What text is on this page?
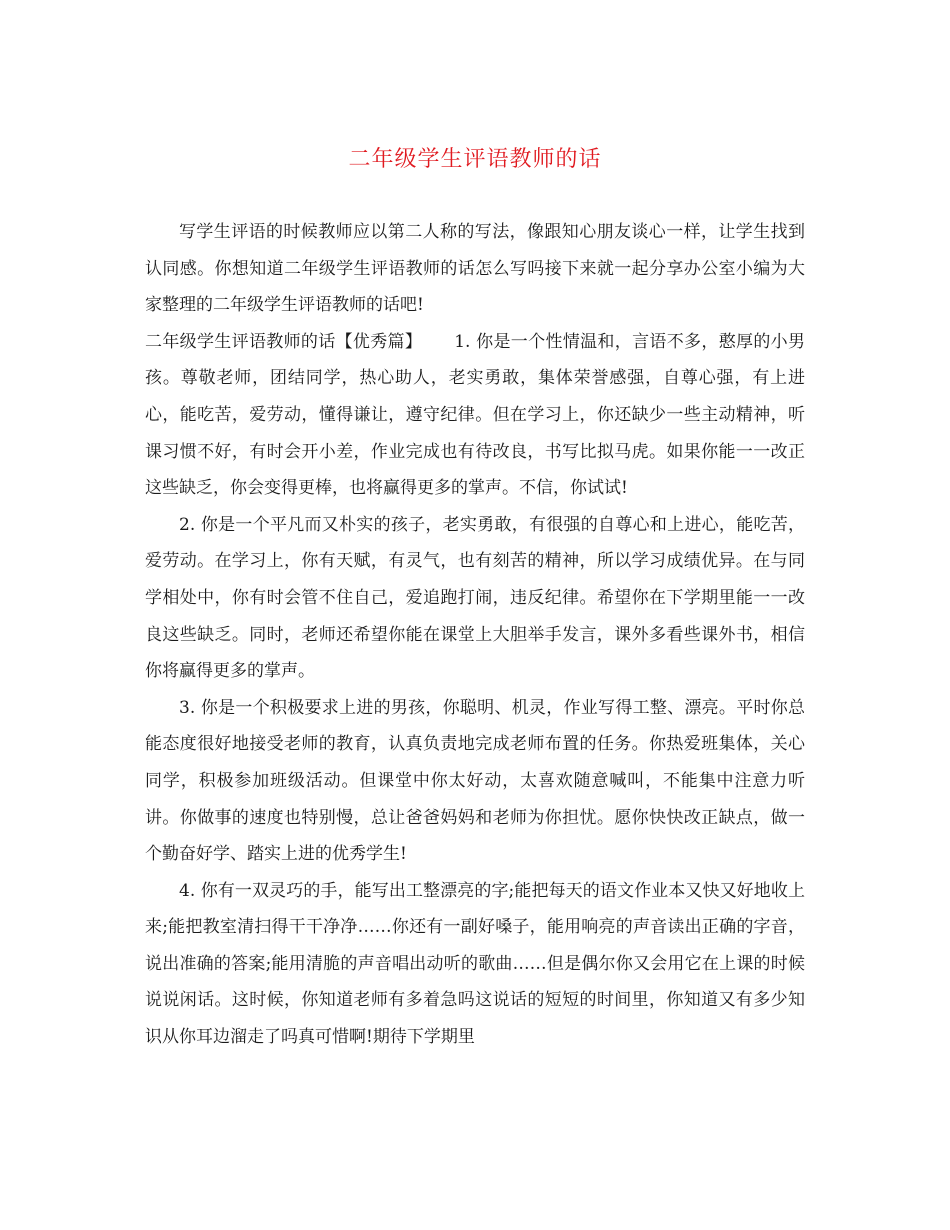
二年级学生评语教师的话

写学生评语的时候教师应以第二人称的写法，像跟知心朋友谈心一样，让学生找到认同感。你想知道二年级学生评语教师的话怎么写吗接下来就一起分享办公室小编为大家整理的二年级学生评语教师的话吧!

二年级学生评语教师的话【优秀篇】 1. 你是一个性情温和，言语不多，憨厚的小男孩。尊敬老师，团结同学，热心助人，老实勇敢，集体荣誉感强，自尊心强，有上进心，能吃苦，爱劳动，懂得谦让，遵守纪律。但在学习上，你还缺少一些主动精神，听课习惯不好，有时会开小差，作业完成也有待改良，书写比拟马虎。如果你能一一改正这些缺乏，你会变得更棒，也将赢得更多的掌声。不信，你试试!

2. 你是一个平凡而又朴实的孩子，老实勇敢，有很强的自尊心和上进心，能吃苦，爱劳动。在学习上，你有天赋，有灵气，也有刻苦的精神，所以学习成绩优异。在与同学相处中，你有时会管不住自己，爱追跑打闹，违反纪律。希望你在下学期里能一一改良这些缺乏。同时，老师还希望你能在课堂上大胆举手发言，课外多看些课外书，相信你将赢得更多的掌声。

3. 你是一个积极要求上进的男孩，你聪明、机灵，作业写得工整、漂亮。平时你总能态度很好地接受老师的教育，认真负责地完成老师布置的任务。你热爱班集体，关心同学，积极参加班级活动。但课堂中你太好动，太喜欢随意喊叫，不能集中注意力听讲。你做事的速度也特别慢，总让爸爸妈妈和老师为你担忧。愿你快快改正缺点，做一个勤奋好学、踏实上进的优秀学生!

4. 你有一双灵巧的手，能写出工整漂亮的字;能把每天的语文作业本又快又好地收上来;能把教室清扫得干干净净……你还有一副好嗓子，能用响亮的声音读出正确的字音，说出准确的答案;能用清脆的声音唱出动听的歌曲……但是偶尔你又会用它在上课的时候说说闲话。这时候，你知道老师有多着急吗这说话的短短的时间里，你知道又有多少知识从你耳边溜走了吗真可惜啊!期待下学期里
